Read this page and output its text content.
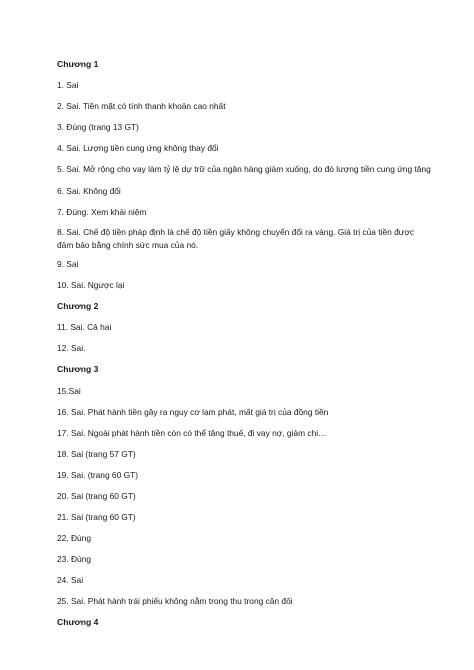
Chương 1
1. Sai
2. Sai. Tiền mặt có tính thanh khoản cao nhất
3. Đúng (trang 13 GT)
4. Sai. Lượng tiền cung ứng không thay đổi
5. Sai. Mở rộng cho vay làm tỷ lệ dự trữ của ngân hàng giảm xuống, do đó lượng tiền cung ứng tăng
6. Sai. Không đổi
7. Đúng. Xem khái niệm
8. Sai. Chế độ tiền pháp định là chế độ tiền giấy không chuyển đổi ra vàng. Giá trị của tiền được đảm bảo bằng chính sức mua của nó.
9. Sai
10. Sai. Ngược lại
Chương 2
11. Sai. Cả hai
12. Sai.
Chương 3
15.Sai
16. Sai. Phát hành tiền gây ra nguy cơ lạm phát, mất giá trị của đồng tiền
17. Sai. Ngoài phát hành tiền còn có thể tăng thuế, đi vay nợ, giảm chi…
18. Sai (trang 57 GT)
19. Sai. (trang 60 GT)
20. Sai (trang 60 GT)
21. Sai (trang 60 GT)
22. Đúng
23. Đúng
24. Sai
25. Sai. Phát hành trái phiếu không nằm trong thu trong cân đối
Chương 4
